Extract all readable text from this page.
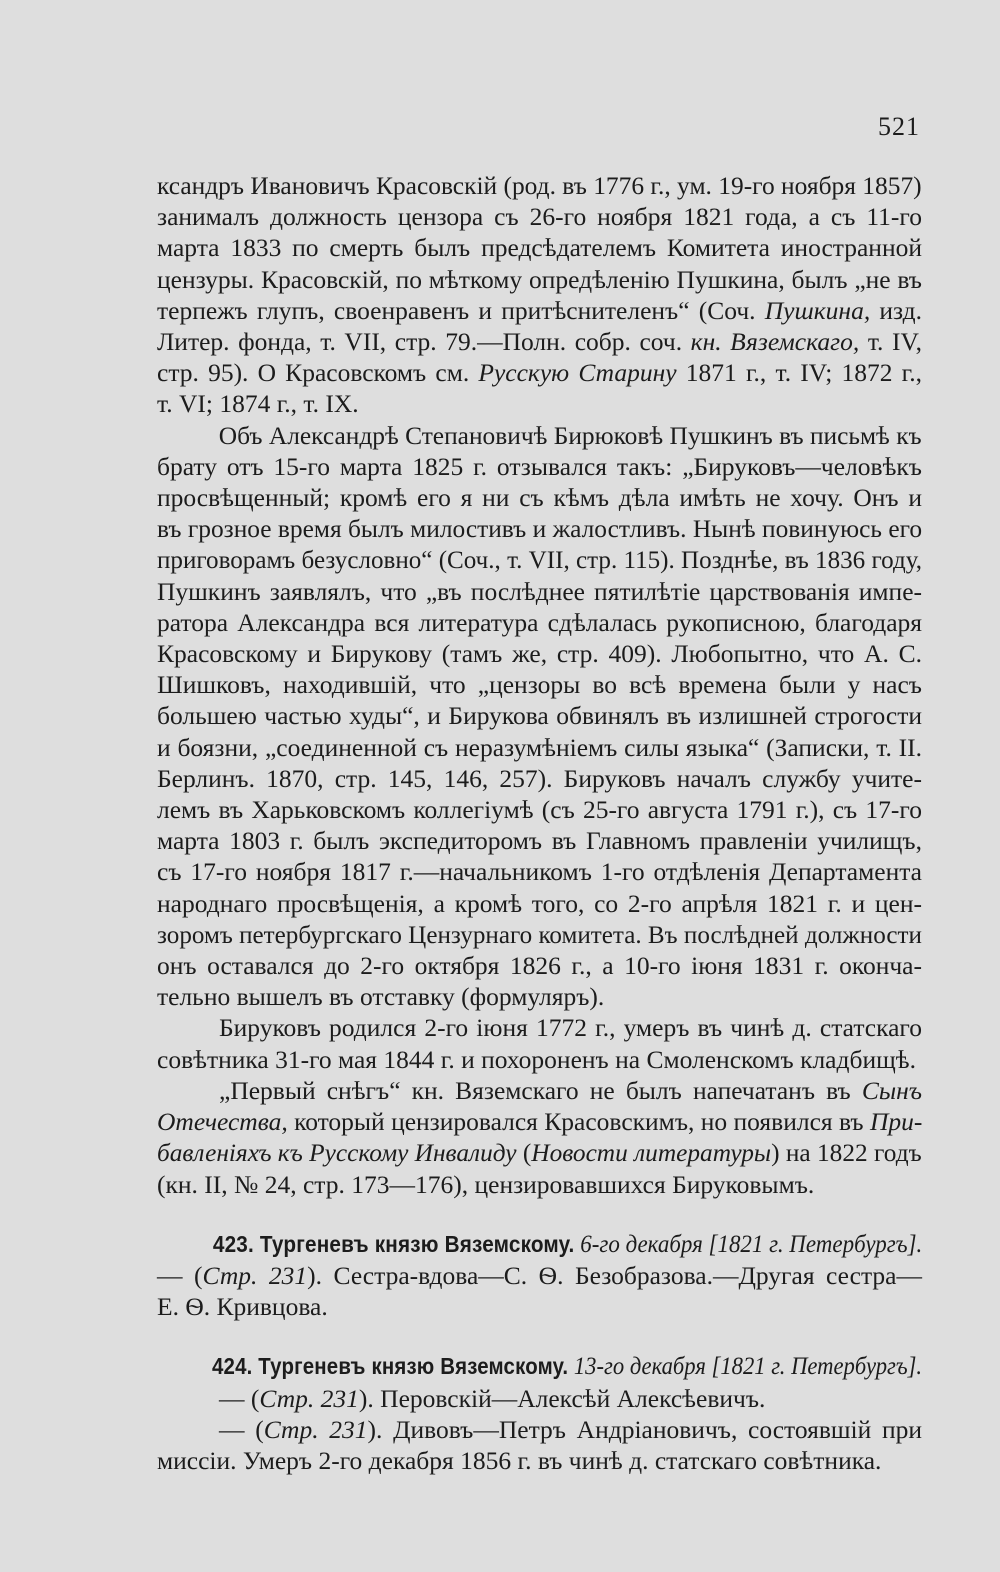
521

ксандръ Ивановичъ Красовскій (род. въ 1776 г., ум. 19-го ноября 1857)
занималъ должность цензора съ 26-го ноября 1821 года, а съ 11-го
марта 1833 по смерть былъ предсѣдателемъ Комитета иностранной
цензуры. Красовскій, по мѣткому опредѣленію Пушкина, былъ „не въ
терпежъ глупъ, своенравенъ и притѣснителенъ“ (Соч. Пушкина, изд.
Литер. фонда, т. VII, стр. 79.—Полн. собр. соч. кн. Вяземскаго, т. IV,
стр. 95). О Красовскомъ см. Русскую Старину 1871 г., т. IV; 1872 г.,
т. VI; 1874 г., т. IX.

Объ Александрѣ Степановичѣ Бирюковѣ Пушкинъ въ письмѣ къ
брату отъ 15-го марта 1825 г. отзывался такъ: „Бируковъ—человѣкъ
просвѣщенный; кромѣ его я ни съ кѣмъ дѣла имѣть не хочу. Онъ и
въ грозное время былъ милостивъ и жалостливъ. Нынѣ повинуюсь его
приговорамъ безусловно“ (Соч., т. VII, стр. 115). Позднѣе, въ 1836 году,
Пушкинъ заявлялъ, что „въ послѣднее пятилѣтіе царствованія импе-
ратора Александра вся литература сдѣлалась рукописною, благодаря
Красовскому и Бирукову (тамъ же, стр. 409). Любопытно, что А. С.
Шишковъ, находившій, что „цензоры во всѣ времена были у насъ
большею частью худы“, и Бирукова обвинялъ въ излишней строгости
и боязни, „соединенной съ неразумѣніемъ силы языка“ (Записки, т. II.
Берлинъ. 1870, стр. 145, 146, 257). Бируковъ началъ службу учите-
лемъ въ Харьковскомъ коллегіумѣ (съ 25-го августа 1791 г.), съ 17-го
марта 1803 г. былъ экспедиторомъ въ Главномъ правленіи училищъ,
съ 17-го ноября 1817 г.—начальникомъ 1-го отдѣленія Департамента
народнаго просвѣщенія, а кромѣ того, со 2-го апрѣля 1821 г. и цен-
зоромъ петербургскаго Цензурнаго комитета. Въ послѣдней должности
онъ оставался до 2-го октября 1826 г., а 10-го іюня 1831 г. оконча-
тельно вышелъ въ отставку (формуляръ).

Бируковъ родился 2-го іюня 1772 г., умеръ въ чинѣ д. статскаго
совѣтника 31-го мая 1844 г. и похороненъ на Смоленскомъ кладбищѣ.

„Первый снѣгъ“ кн. Вяземскаго не былъ напечатанъ въ Сынъ
Отечества, который цензировался Красовскимъ, но появился въ При-
бавленіяхъ къ Русскому Инвалиду (Новости литературы) на 1822 годъ
(кн. II, № 24, стр. 173—176), цензировавшихся Бируковымъ.

423. Тургеневъ князю Вяземскому. 6-го декабря [1821 г. Петербургъ].
— (Стр. 231). Сестра-вдова—С. Ѳ. Безобразова.—Другая сестра—
Е. Ѳ. Кривцова.

424. Тургеневъ князю Вяземскому. 13-го декабря [1821 г. Петербургъ].
— (Стр. 231). Перовскій—Алексѣй Алексѣевичъ.
— (Стр. 231). Дивовъ—Петръ Андріановичъ, состоявшій при
миссіи. Умеръ 2-го декабря 1856 г. въ чинѣ д. статскаго совѣтника.
